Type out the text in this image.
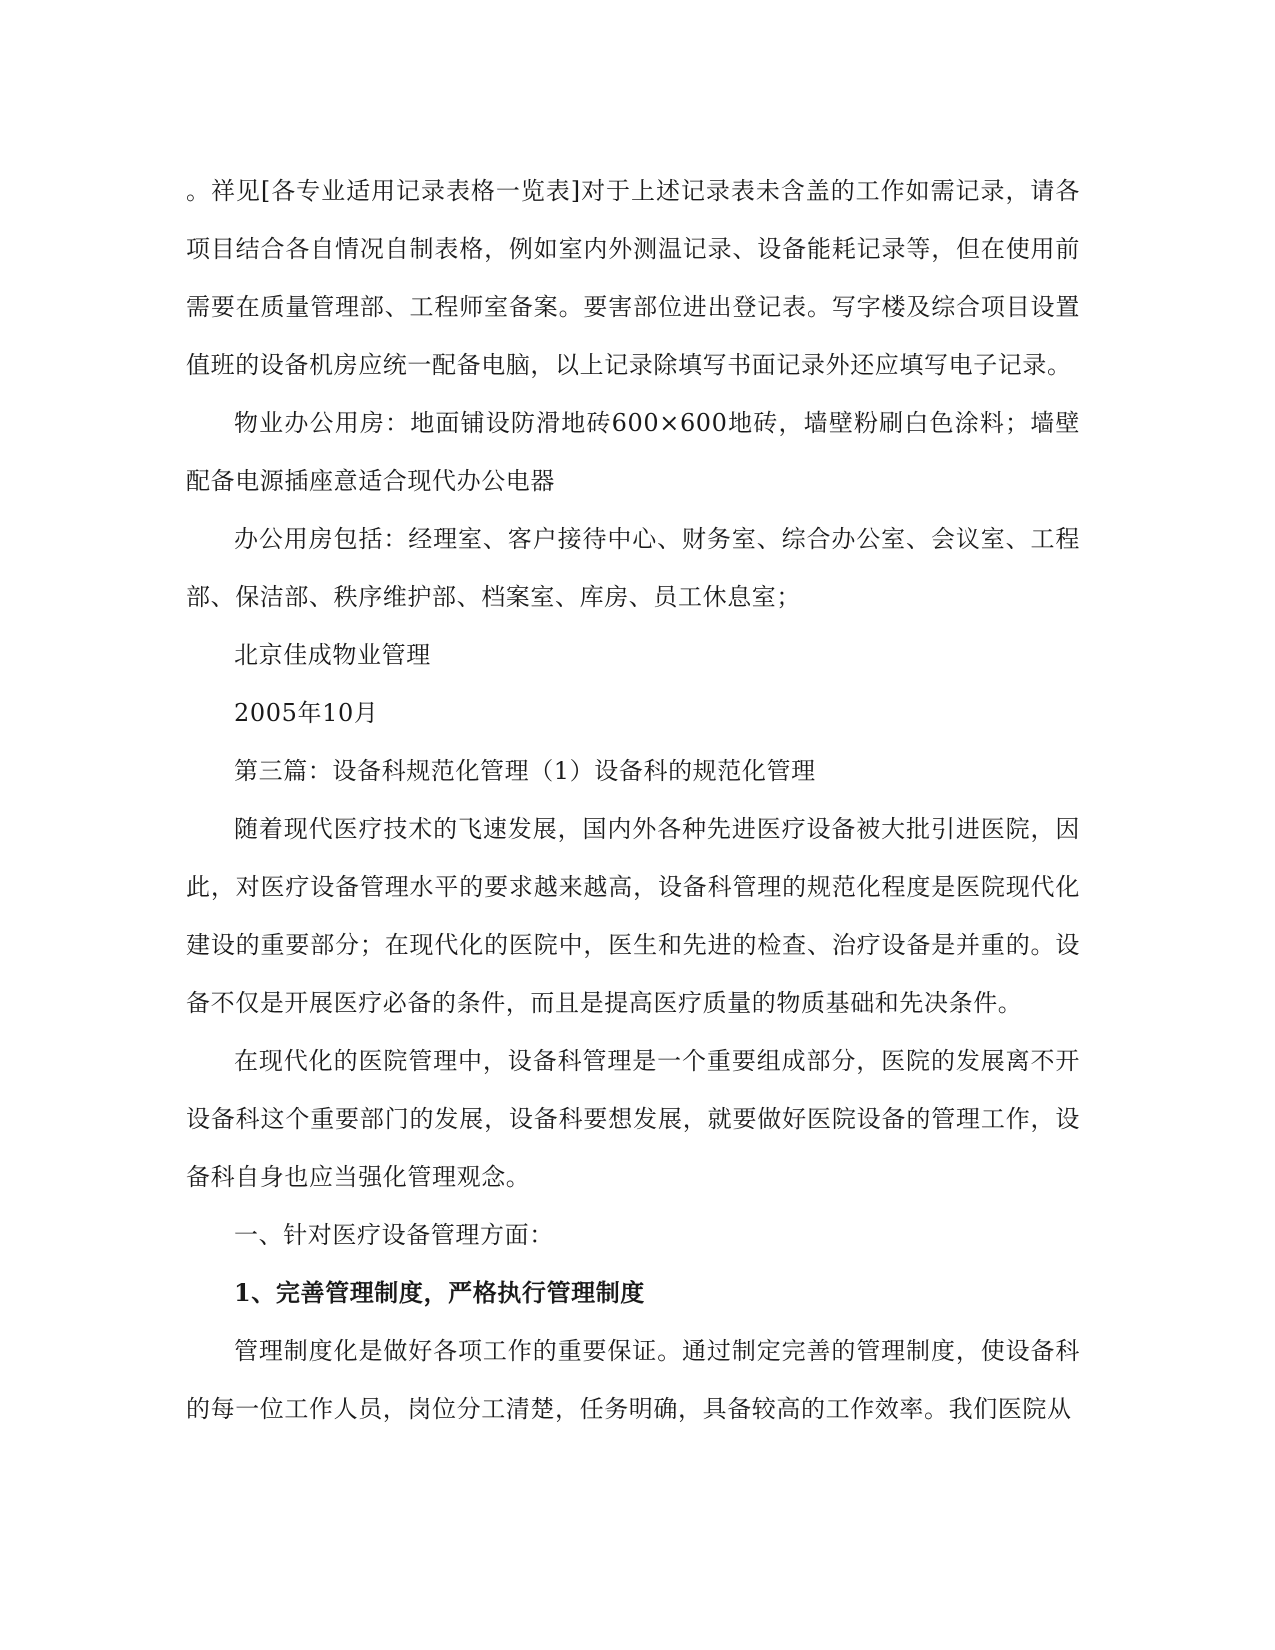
。祥见[各专业适用记录表格一览表]对于上述记录表未含盖的工作如需记录，请各项目结合各自情况自制表格，例如室内外测温记录、设备能耗记录等，但在使用前需要在质量管理部、工程师室备案。要害部位进出登记表。写字楼及综合项目设置值班的设备机房应统一配备电脑，以上记录除填写书面记录外还应填写电子记录。

物业办公用房：地面铺设防滑地砖600×600地砖，墙壁粉刷白色涂料；墙壁配备电源插座意适合现代办公电器

办公用房包括：经理室、客户接待中心、财务室、综合办公室、会议室、工程部、保洁部、秩序维护部、档案室、库房、员工休息室；

北京佳成物业管理

2005年10月

第三篇：设备科规范化管理（1）设备科的规范化管理

随着现代医疗技术的飞速发展，国内外各种先进医疗设备被大批引进医院，因此，对医疗设备管理水平的要求越来越高，设备科管理的规范化程度是医院现代化建设的重要部分；在现代化的医院中，医生和先进的检查、治疗设备是并重的。设备不仅是开展医疗必备的条件，而且是提高医疗质量的物质基础和先决条件。

在现代化的医院管理中，设备科管理是一个重要组成部分，医院的发展离不开设备科这个重要部门的发展，设备科要想发展，就要做好医院设备的管理工作，设备科自身也应当强化管理观念。

一、针对医疗设备管理方面：

1、完善管理制度，严格执行管理制度

管理制度化是做好各项工作的重要保证。通过制定完善的管理制度，使设备科的每一位工作人员，岗位分工清楚，任务明确，具备较高的工作效率。我们医院从
